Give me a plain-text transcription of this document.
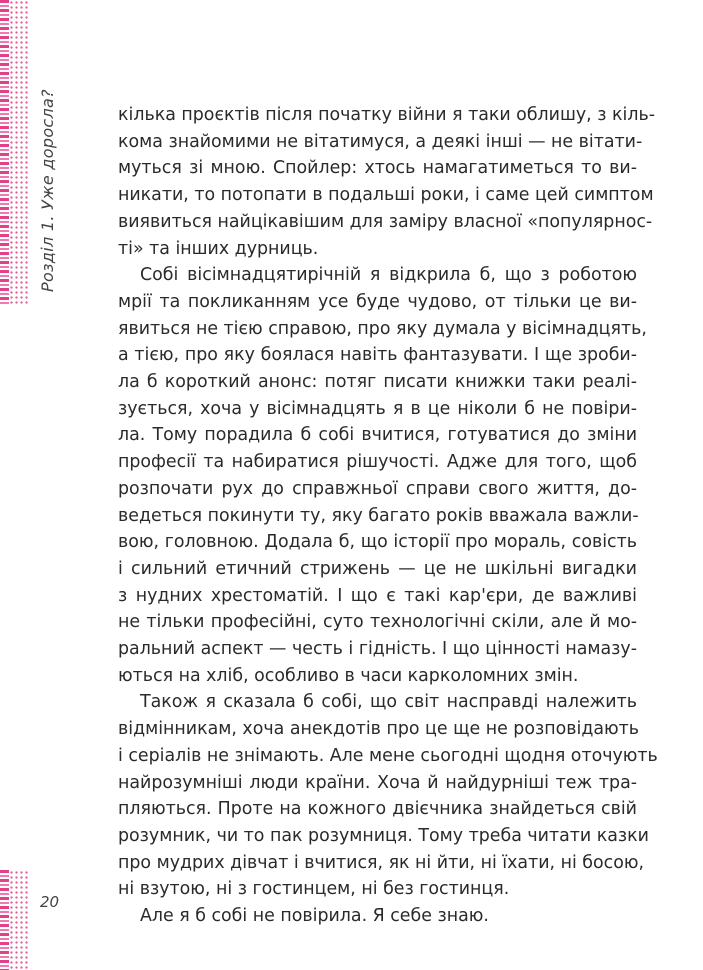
Розділ 1. Уже доросла?	кілька проєктів після початку війни я таки облишу, з кіль-
кома знайомими не вітатимуся, а деякі інші — не вітати-
муться зі мною. Спойлер: хтось намагатиметься то ви-
никати, то потопати в подальші роки, і саме цей симптом
виявиться найцікавішим для заміру власної «популярнос-
ті» та інших дурниць.

Собі вісімнадцятирічній я відкрила б, що з роботою
мрії та покликанням усе буде чудово, от тільки це ви-
явиться не тією справою, про яку думала у вісімнадцять,
а тією, про яку боялася навіть фантазувати. І ще зроби-
ла б короткий анонс: потяг писати книжки таки реалі-
зується, хоча у вісімнадцять я в це ніколи б не повіри-
ла. Тому порадила б собі вчитися, готуватися до зміни
професії та набиратися рішучості. Адже для того, щоб
розпочати рух до справжньої справи свого життя, до-
ведеться покинути ту, яку багато років вважала важли-
вою, головною. Додала б, що історії про мораль, совість
і сильний етичний стрижень — це не шкільні вигадки
з нудних хрестоматій. І що є такі кар'єри, де важливі
не тільки професійні, суто технологічні скіли, але й мо-
ральний аспект — честь і гідність. І що цінності намазу-
ються на хліб, особливо в часи карколомних змін.

Також я сказала б собі, що світ насправді належить
відмінникам, хоча анекдотів про це ще не розповідають
і серіалів не знімають. Але мене сьогодні щодня оточують
найрозумніші люди країни. Хоча й найдурніші теж тра-
пляються. Проте на кожного двієчника знайдеться свій
розумник, чи то пак розумниця. Тому треба читати казки
про мудрих дівчат і вчитися, як ні йти, ні їхати, ні босою,
ні взутою, ні з гостинцем, ні без гостинця.

Але я б собі не повірила. Я себе знаю.

20
